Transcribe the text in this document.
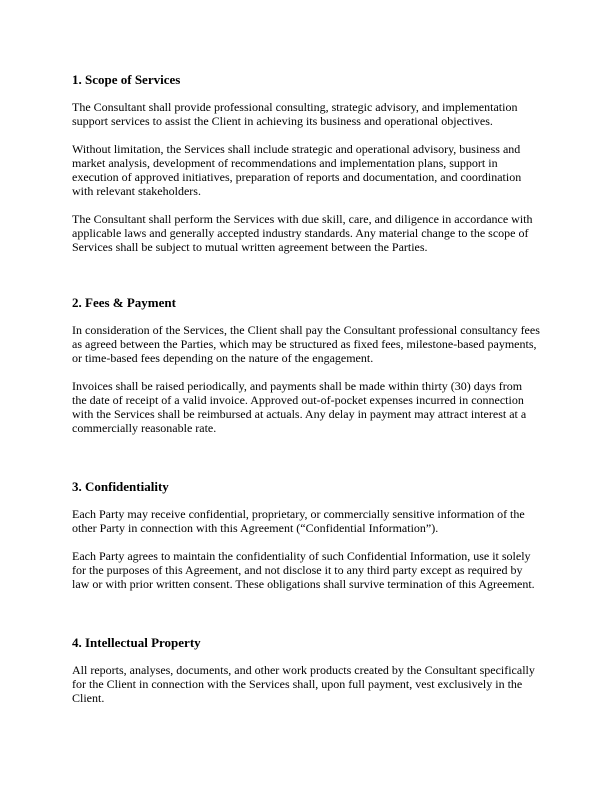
1. Scope of Services
The Consultant shall provide professional consulting, strategic advisory, and implementation
support services to assist the Client in achieving its business and operational objectives.
Without limitation, the Services shall include strategic and operational advisory, business and
market analysis, development of recommendations and implementation plans, support in
execution of approved initiatives, preparation of reports and documentation, and coordination
with relevant stakeholders.
The Consultant shall perform the Services with due skill, care, and diligence in accordance with
applicable laws and generally accepted industry standards. Any material change to the scope of
Services shall be subject to mutual written agreement between the Parties.
2. Fees & Payment
In consideration of the Services, the Client shall pay the Consultant professional consultancy fees
as agreed between the Parties, which may be structured as fixed fees, milestone-based payments,
or time-based fees depending on the nature of the engagement.
Invoices shall be raised periodically, and payments shall be made within thirty (30) days from
the date of receipt of a valid invoice. Approved out-of-pocket expenses incurred in connection
with the Services shall be reimbursed at actuals. Any delay in payment may attract interest at a
commercially reasonable rate.
3. Confidentiality
Each Party may receive confidential, proprietary, or commercially sensitive information of the
other Party in connection with this Agreement (“Confidential Information”).
Each Party agrees to maintain the confidentiality of such Confidential Information, use it solely
for the purposes of this Agreement, and not disclose it to any third party except as required by
law or with prior written consent. These obligations shall survive termination of this Agreement.
4. Intellectual Property
All reports, analyses, documents, and other work products created by the Consultant specifically
for the Client in connection with the Services shall, upon full payment, vest exclusively in the
Client.
